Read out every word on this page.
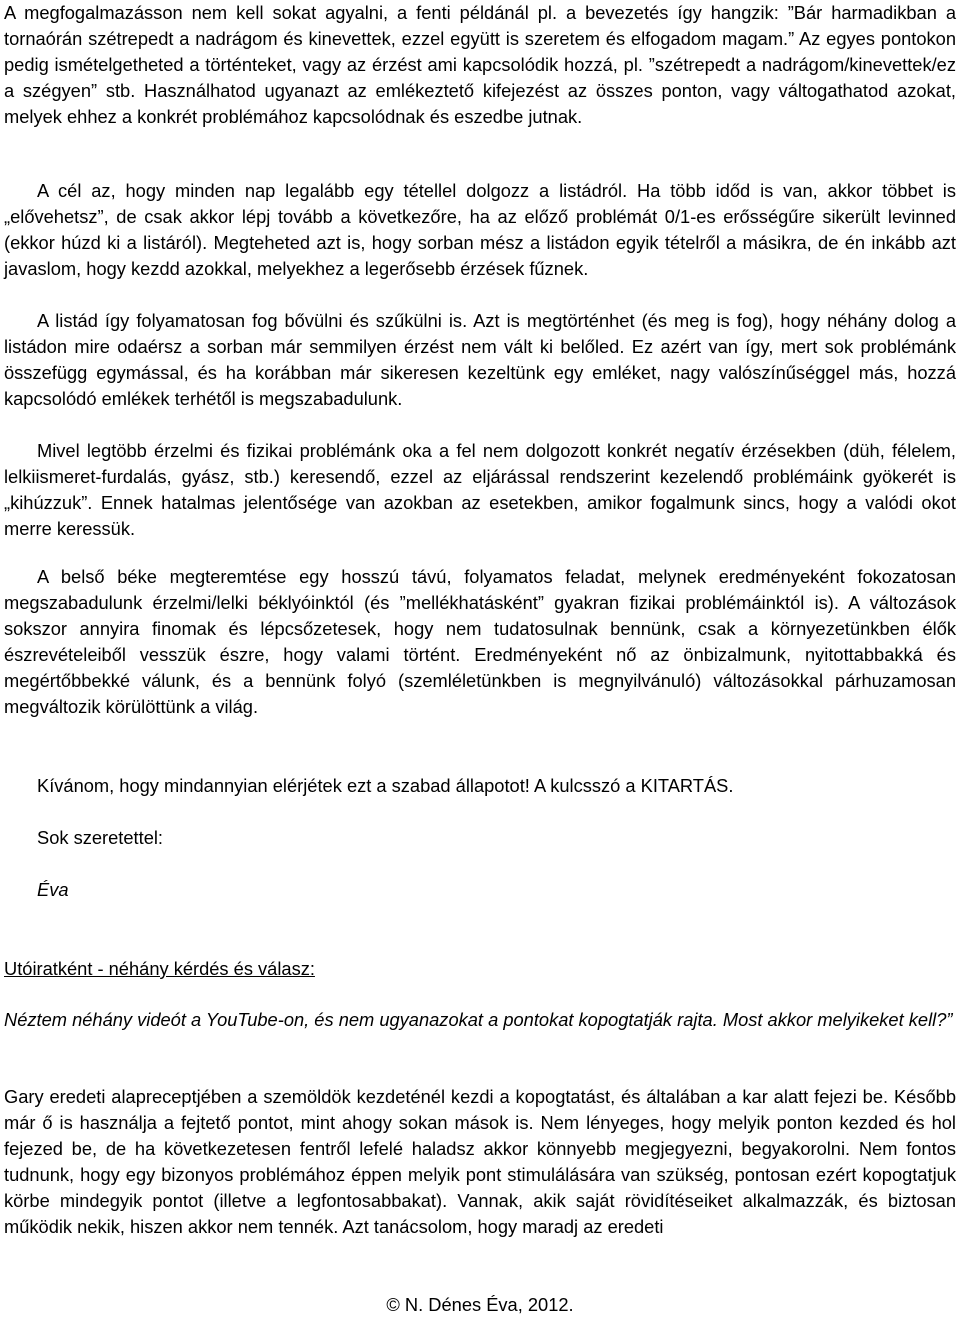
A megfogalmazásson nem kell sokat agyalni, a fenti példánál pl. a bevezetés így hangzik: ”Bár harmadikban a tornaórán szétrepedt a nadrágom és kinevettek, ezzel együtt is szeretem és elfogadom magam.” Az egyes pontokon pedig ismételgetheted a történteket, vagy az érzést ami kapcsolódik hozzá, pl. ”szétrepedt a nadrágom/kinevettek/ez a szégyen” stb. Használhatod ugyanazt az emlékeztető kifejezést az összes ponton, vagy váltogathatod azokat, melyek ehhez a konkrét problémához kapcsolódnak és eszedbe jutnak.

A cél az, hogy minden nap legalább egy tétellel dolgozz a listádról. Ha több időd is van, akkor többet is „elővehetsz”, de csak akkor lépj tovább a következőre, ha az előző problémát 0/1-es erősségűre sikerült levinned (ekkor húzd ki a listáról). Megteheted azt is, hogy sorban mész a listádon egyik tételről a másikra, de én inkább azt javaslom, hogy kezdd azokkal, melyekhez a legerősebb érzések fűznek.

A listád így folyamatosan fog bővülni és szűkülni is. Azt is megtörténhet (és meg is fog), hogy néhány dolog a listádon mire odaérsz a sorban már semmilyen érzést nem vált ki belőled. Ez azért van így, mert sok problémánk összefügg egymással, és ha korábban már sikeresen kezeltünk egy emléket, nagy valószínűséggel más, hozzá kapcsolódó emlékek terhétől is megszabadulunk.

Mivel legtöbb érzelmi és fizikai problémánk oka a fel nem dolgozott konkrét negatív érzésekben (düh, félelem, lelkiismeret-furdalás, gyász, stb.) keresendő, ezzel az eljárással rendszerint kezelendő problémáink gyökerét is „kihúzzuk”. Ennek hatalmas jelentősége van azokban az esetekben, amikor fogalmunk sincs, hogy a valódi okot merre keressük.

A belső béke megteremtése egy hosszú távú, folyamatos feladat, melynek eredményeként fokozatosan megszabadulunk érzelmi/lelki béklyóinktól (és ”mellékhatásként” gyakran fizikai problémáinktól is). A változások sokszor annyira finomak és lépcsőzetesek, hogy nem tudatosulnak bennünk, csak a környezetünkben élők észrevételeiből vesszük észre, hogy valami történt. Eredményeként nő az önbizalmunk, nyitottabbakká és megértőbbekké válunk, és a bennünk folyó (szemléletünkben is megnyilvánuló) változásokkal párhuzamosan megváltozik körülöttünk a világ.

Kívánom, hogy mindannyian elérjétek ezt a szabad állapotot! A kulcsszó a KITARTÁS.

Sok szeretettel:

Éva

Utóiratként - néhány kérdés és válasz:

Néztem néhány videót a YouTube-on, és nem ugyanazokat a pontokat kopogtatják rajta. Most akkor melyikeket kell?”

Gary eredeti alapreceptjében a szemöldök kezdeténél kezdi a kopogtatást, és általában a kar alatt fejezi be. Később már ő is használja a fejtető pontot, mint ahogy sokan mások is. Nem lényeges, hogy melyik ponton kezded és hol fejezed be, de ha következetesen fentről lefelé haladsz akkor könnyebb megjegyezni, begyakorolni. Nem fontos tudnunk, hogy egy bizonyos problémához éppen melyik pont stimulálására van szükség, pontosan ezért kopogtatjuk körbe mindegyik pontot (illetve a legfontosabbakat). Vannak, akik saját rövidítéseiket alkalmazzák, és biztosan működik nekik, hiszen akkor nem tennék. Azt tanácsolom, hogy maradj az eredeti

© N. Dénes Éva, 2012.
